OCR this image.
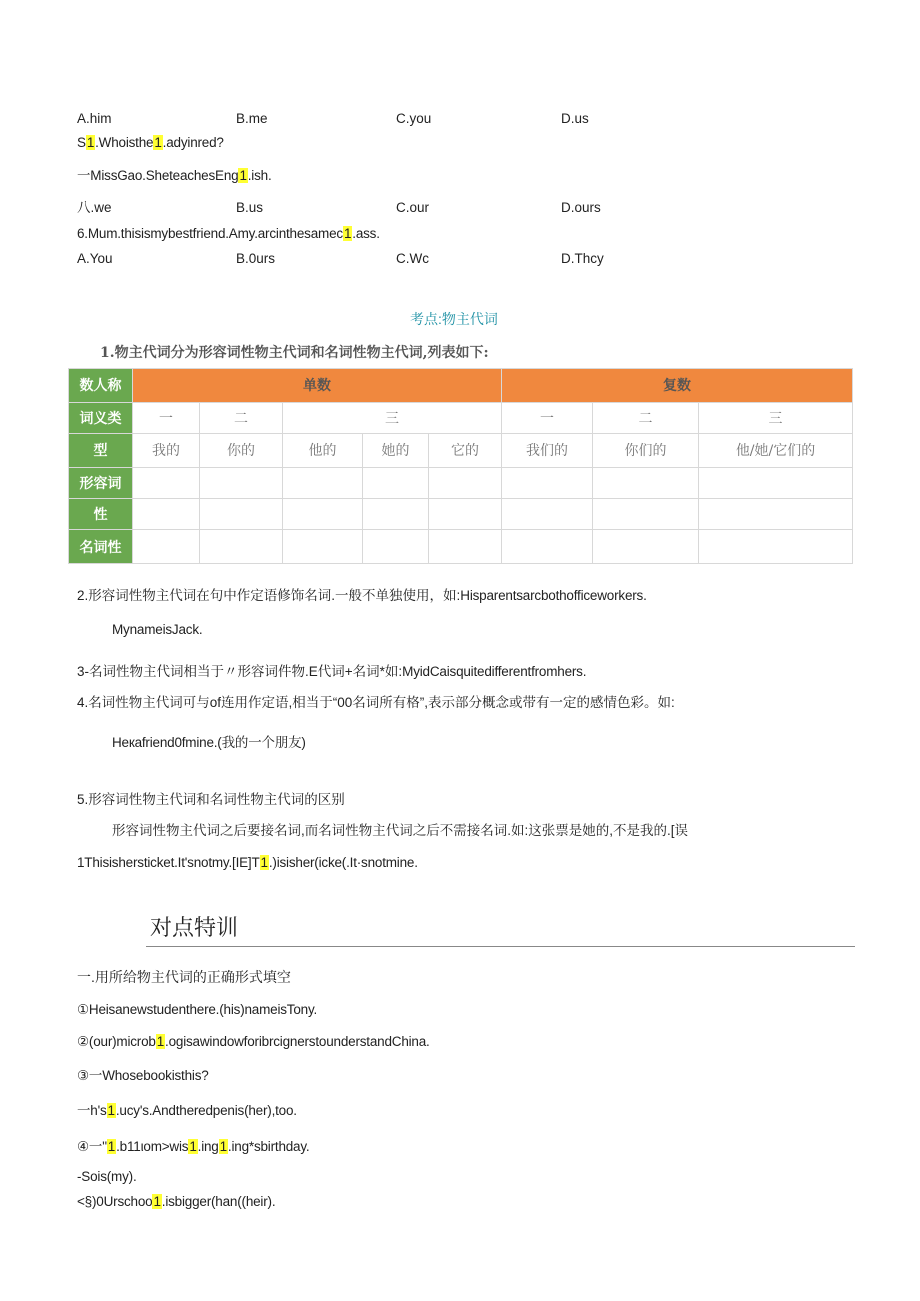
A.him	B.me	C.you	D.us
S1.Whoisthe1.adyinred?
一MissGao.SheteachesEng1.ish.
八.we	B.us	C.our	D.ours
6.Mum.thisismybestfriend.Amy.arcinthesamec1.ass.
A.You	B.0urs	C.Wc	D.Thcy
考点:物主代词
1.物主代词分为形容词性物主代词和名词性物主代词,列表如下:
数人称	单数					复数		
词义类	一	二	三			一	二	三
型	我的	你的	他的	她的	它的	我们的	你们的	他/她/它们的
形容词								
性								
名词性								
2.形容词性物主代词在句中作定语修饰名词.一般不单独使用，如:Hisparentsarcbothofficeworkers.
MynameisJack.
3-名词性物主代词相当于〃形容词件物.E代词+名词*如:MyidCaisquitedifferentfromhers.
4.名词性物主代词可与of连用作定语,相当于“00名词所有格”,表示部分概念或带有一定的感情色彩。如:
Heкafriend0fmine.(我的一个朋友)
5.形容词性物主代词和名词性物主代词的区别
形容词性物主代词之后要接名词,而名词性物主代词之后不需接名词.如:这张票是她的,不是我的.[误
1Thisishersticket.It'snotmy.[IE]T1.)isisher(icke(.It·snotmine.
对点特训
一.用所给物主代词的正确形式填空
①Heisanewstudenthere.(his)nameisTony.
②(our)microb1.ogisawindowforibrcignerstounderstandChina.
③一Whosebookisthis?
一h's1.ucy's.Andtheredpenis(her),too.
④一"1.b11ιom>wis1.ing1.ing*sbirthday.
-Sois(my).
<§)0Urschoo1.isbigger(han((heir).
